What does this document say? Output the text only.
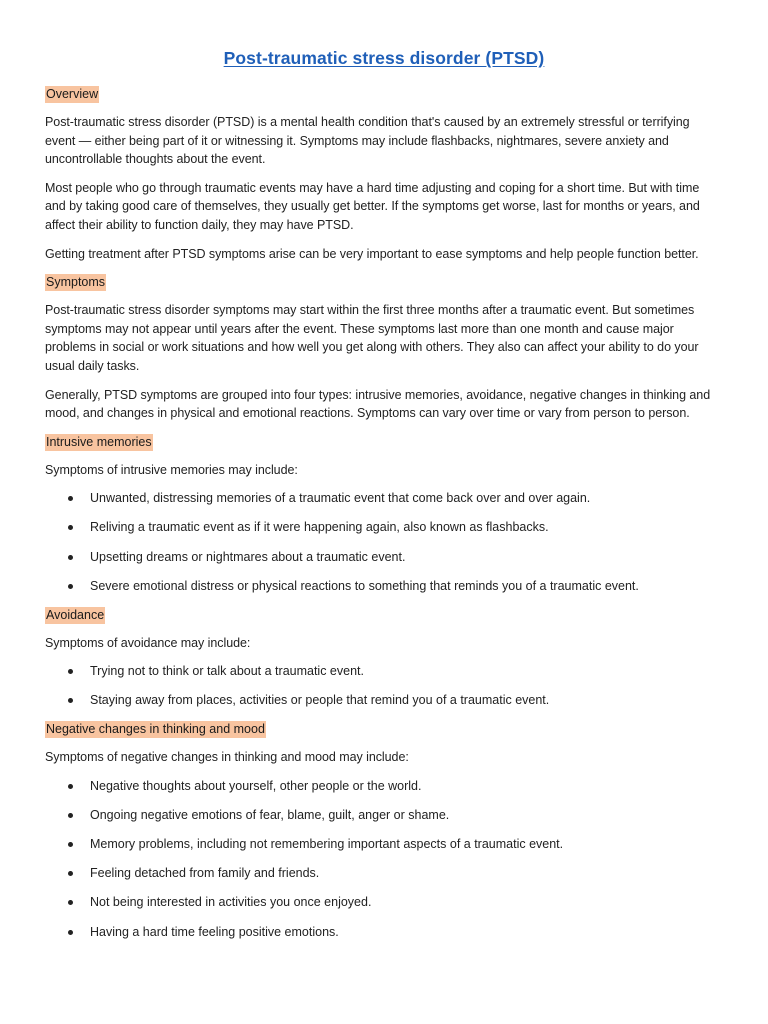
Post-traumatic stress disorder (PTSD)
Overview

Post-traumatic stress disorder (PTSD) is a mental health condition that's caused by an extremely stressful or terrifying event — either being part of it or witnessing it. Symptoms may include flashbacks, nightmares, severe anxiety and uncontrollable thoughts about the event.

Most people who go through traumatic events may have a hard time adjusting and coping for a short time. But with time and by taking good care of themselves, they usually get better. If the symptoms get worse, last for months or years, and affect their ability to function daily, they may have PTSD.

Getting treatment after PTSD symptoms arise can be very important to ease symptoms and help people function better.

Symptoms

Post-traumatic stress disorder symptoms may start within the first three months after a traumatic event. But sometimes symptoms may not appear until years after the event. These symptoms last more than one month and cause major problems in social or work situations and how well you get along with others. They also can affect your ability to do your usual daily tasks.

Generally, PTSD symptoms are grouped into four types: intrusive memories, avoidance, negative changes in thinking and mood, and changes in physical and emotional reactions. Symptoms can vary over time or vary from person to person.

Intrusive memories

Symptoms of intrusive memories may include:

Unwanted, distressing memories of a traumatic event that come back over and over again.
Reliving a traumatic event as if it were happening again, also known as flashbacks.
Upsetting dreams or nightmares about a traumatic event.
Severe emotional distress or physical reactions to something that reminds you of a traumatic event.
Avoidance

Symptoms of avoidance may include:

Trying not to think or talk about a traumatic event.
Staying away from places, activities or people that remind you of a traumatic event.
Negative changes in thinking and mood

Symptoms of negative changes in thinking and mood may include:

Negative thoughts about yourself, other people or the world.
Ongoing negative emotions of fear, blame, guilt, anger or shame.
Memory problems, including not remembering important aspects of a traumatic event.
Feeling detached from family and friends.
Not being interested in activities you once enjoyed.
Having a hard time feeling positive emotions.
